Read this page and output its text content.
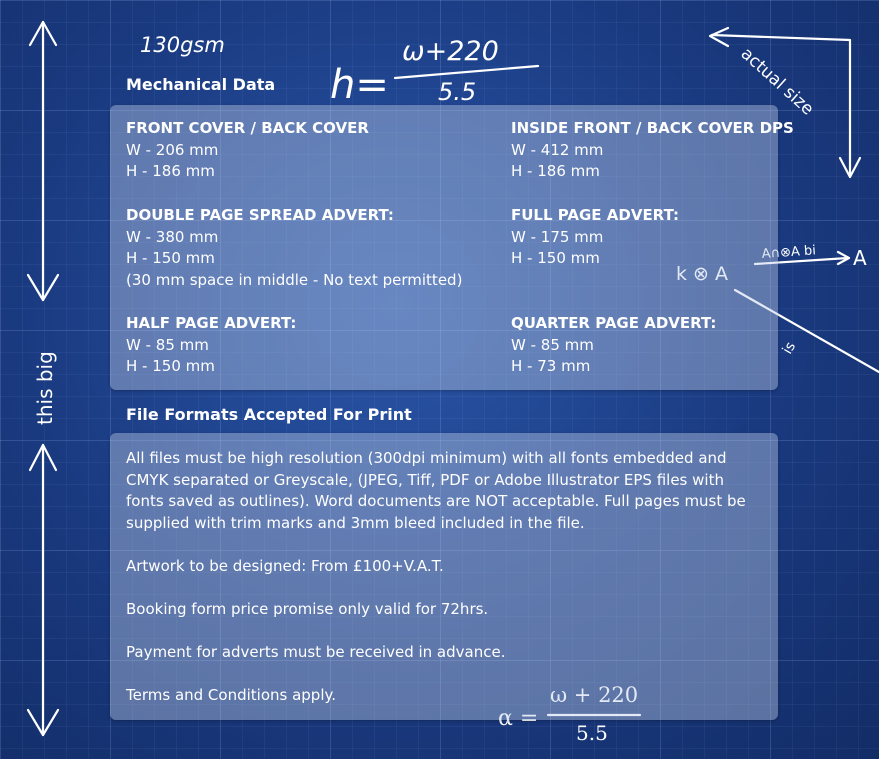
130gsm
h=
ω+220
5.5	actual size
this big
k ⊗ A
A∩⊗A bi A
is
α =
ω + 220
5.5
Mechanical Data
FRONT COVER / BACK COVER
W - 206 mm
H - 186 mm
INSIDE FRONT / BACK COVER DPS
W - 412 mm
H - 186 mm
DOUBLE PAGE SPREAD ADVERT:
W - 380 mm
H - 150 mm
(30 mm space in middle - No text permitted)
FULL PAGE ADVERT:
W - 175 mm
H - 150 mm
HALF PAGE ADVERT:
W - 85 mm
H - 150 mm
QUARTER PAGE ADVERT:
W - 85 mm
H - 73 mm
File Formats Accepted For Print

All files must be high resolution (300dpi minimum) with all fonts embedded and CMYK separated or Greyscale, (JPEG, Tiff, PDF or Adobe Illustrator EPS files with fonts saved as outlines). Word documents are NOT acceptable. Full pages must be supplied with trim marks and 3mm bleed included in the file.

Artwork to be designed: From £100+V.A.T.

Booking form price promise only valid for 72hrs.

Payment for adverts must be received in advance.

Terms and Conditions apply.
